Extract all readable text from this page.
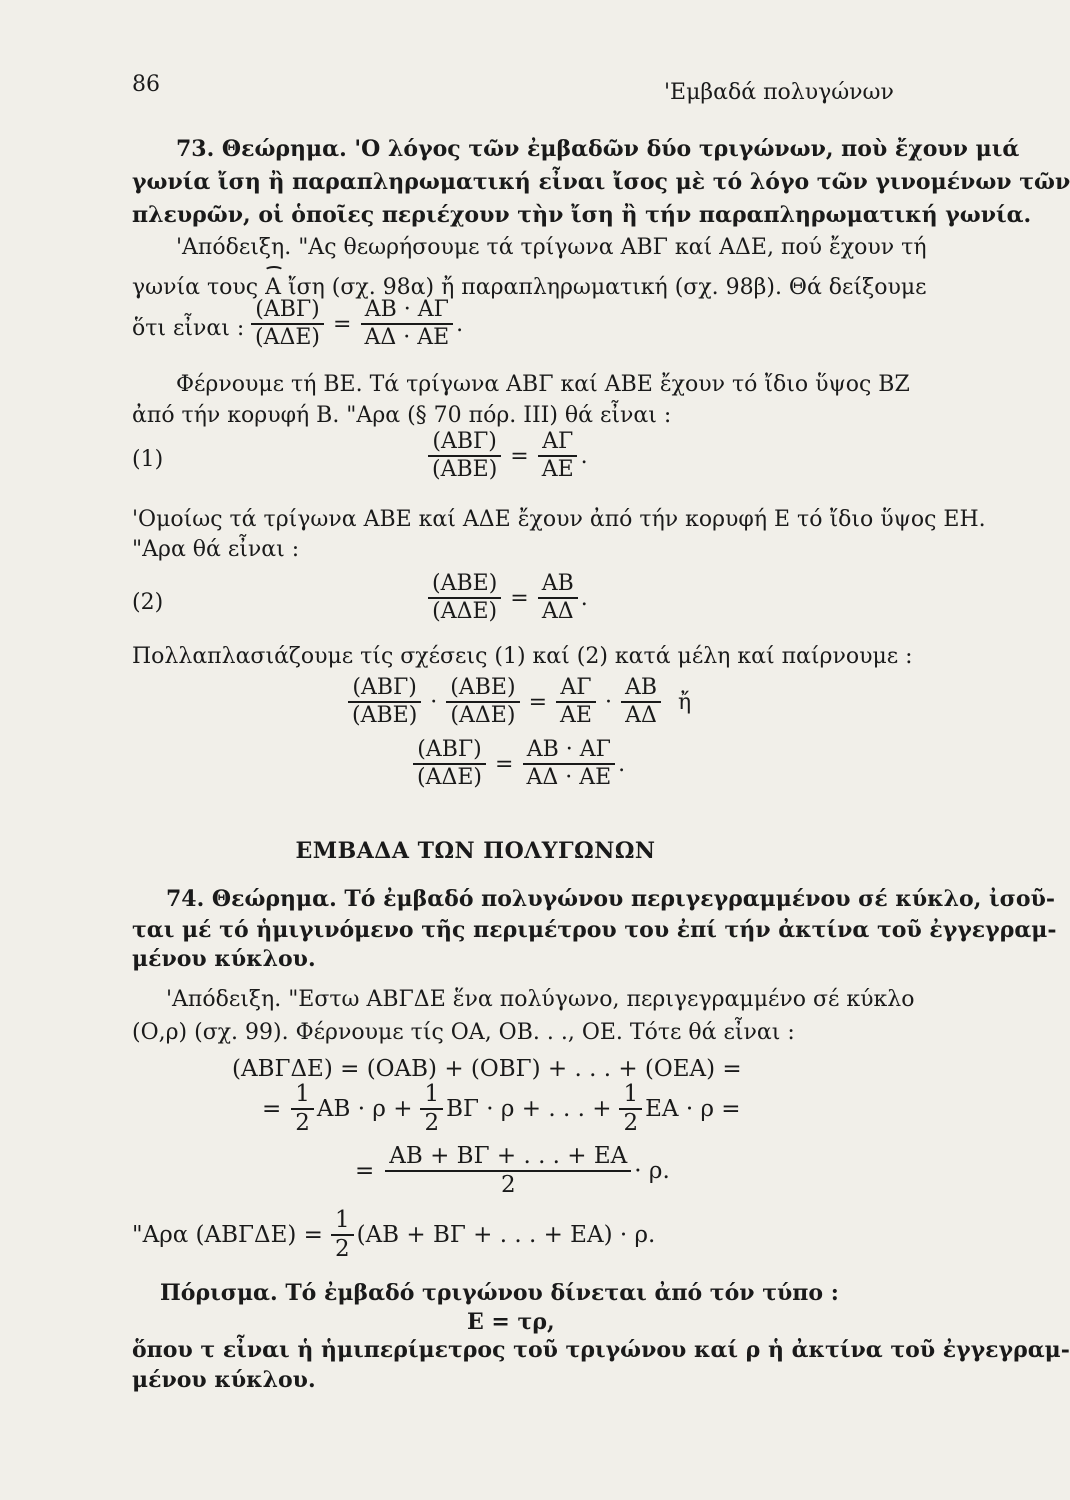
86	'Εμβαδά πολυγώνων
73. Θεώρημα. 'Ο λόγος τῶν ἐμβαδῶν δύο τριγώνων, ποὺ ἔχουν μιά
γωνία ἴση ἢ παραπληρωματική εἶναι ἴσος μὲ τό λόγο τῶν γινομένων τῶν
πλευρῶν, οἱ ὁποῖες περιέχουν τὴν ἴση ἢ τήν παραπληρωματική γωνία.
'Απόδειξη. "Ας θεωρήσουμε τά τρίγωνα ΑΒΓ καί ΑΔΕ, πού ἔχουν τή
γωνία τους Α ἴση (σχ. 98α) ἤ παραπληρωματική (σχ. 98β). Θά δείξουμε
ὅτι εἶναι : $\frac{\text{(ΑΒΓ)}}{\text{(ΑΔΕ)}} = \frac{AB \cdot A\Gamma}{A\Delta \cdot AE}$ .
Φέρνουμε τή ΒΕ. Τά τρίγωνα ΑΒΓ καί ΑΒΕ ἔχουν τό ἴδιο ὕψος ΒΖ
ἀπό τήν κορυφή Β. "Αρα (§ 70 πόρ. III) θά εἶναι :
(1)	$\frac{\text{(ΑΒΓ)}}{\text{(ΑΒΕ)}} = \frac{A\Gamma}{AE}$ .
'Ομοίως τά τρίγωνα ΑΒΕ καί ΑΔΕ ἔχουν ἀπό τήν κορυφή Ε τό ἴδιο ὕψος ΕΗ.
"Αρα θά εἶναι :
(2)	$\frac{\text{(ΑΒΕ)}}{\text{(ΑΔΕ)}} = \frac{AB}{A\Delta}$ .
Πολλαπλασιάζουμε τίς σχέσεις (1) καί (2) κατά μέλη καί παίρνουμε :
$\frac{\text{(ΑΒΓ)}}{\text{(ΑΒΕ)}} \cdot \frac{\text{(ΑΒΕ)}}{\text{(ΑΔΕ)}} = \frac{A\Gamma}{AE} \cdot \frac{AB}{A\Delta}$ ἤ
$\frac{\text{(ΑΒΓ)}}{\text{(ΑΔΕ)}} = \frac{AB \cdot A\Gamma}{A\Delta \cdot AE}$ .
ΕΜΒΑΔΑ ΤΩΝ ΠΟΛΥΓΩΝΩΝ
74. Θεώρημα. Τό ἐμβαδό πολυγώνου περιγεγραμμένου σέ κύκλο, ἰσοῦ-
ται μέ τό ἡμιγινόμενο τῆς περιμέτρου του ἐπί τήν ἀκτίνα τοῦ ἐγγεγραμ-
μένου κύκλου.
'Απόδειξη. "Εστω ΑΒΓΔΕ ἕνα πολύγωνο, περιγεγραμμένο σέ κύκλο
(Ο,ρ) (σχ. 99). Φέρνουμε τίς ΟΑ, ΟΒ. . ., ΟΕ. Τότε θά εἶναι :
(ΑΒΓΔΕ) = (ΟΑΒ) + (ΟΒΓ) + . . . + (ΟΕΑ) =
= $\frac{1}{2}$ $AB \cdot \rho + \frac{1}{2}$ ΒΓ · ρ + . . . + $\frac{1}{2}$ ΕΑ · ρ =
= $\frac{AB + B\Gamma + . . . + EA}{2} \cdot \rho$.
"Αρα $(AB\Gamma\Delta E) = \frac{1}{2} (AB + B\Gamma$ + . . . + ΕΑ) · ρ.
Πόρισμα. Τό ἐμβαδό τριγώνου δίνεται ἀπό τόν τύπο :
Ε = τρ,
ὅπου τ εἶναι ἡ ἡμιπερίμετρος τοῦ τριγώνου καί ρ ἡ ἀκτίνα τοῦ ἐγγεγραμ-
μένου κύκλου.
